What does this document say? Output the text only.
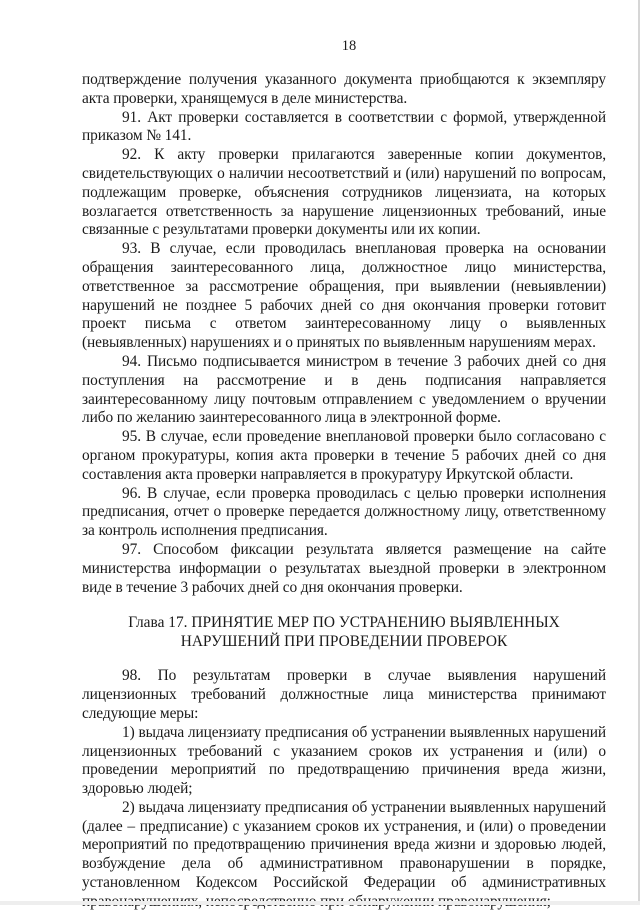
18

подтверждение получения указанного документа приобщаются к экземпляру акта проверки, хранящемуся в деле министерства.

91. Акт проверки составляется в соответствии с формой, утвержденной приказом № 141.

92. К акту проверки прилагаются заверенные копии документов, свидетельствующих о наличии несоответствий и (или) нарушений по вопросам, подлежащим проверке, объяснения сотрудников лицензиата, на которых возлагается ответственность за нарушение лицензионных требований, иные связанные с результатами проверки документы или их копии.

93. В случае, если проводилась внеплановая проверка на основании обращения заинтересованного лица, должностное лицо министерства, ответственное за рассмотрение обращения, при выявлении (невыявлении) нарушений не позднее 5 рабочих дней со дня окончания проверки готовит проект письма с ответом заинтересованному лицу о выявленных (невыявленных) нарушениях и о принятых по выявленным нарушениям мерах.

94. Письмо подписывается министром в течение 3 рабочих дней со дня поступления на рассмотрение и в день подписания направляется заинтересованному лицу почтовым отправлением с уведомлением о вручении либо по желанию заинтересованного лица в электронной форме.

95. В случае, если проведение внеплановой проверки было согласовано с органом прокуратуры, копия акта проверки в течение 5 рабочих дней со дня составления акта проверки направляется в прокуратуру Иркутской области.

96. В случае, если проверка проводилась с целью проверки исполнения предписания, отчет о проверке передается должностному лицу, ответственному за контроль исполнения предписания.

97. Способом фиксации результата является размещение на сайте министерства информации о результатах выездной проверки в электронном виде в течение 3 рабочих дней со дня окончания проверки.

Глава 17. ПРИНЯТИЕ МЕР ПО УСТРАНЕНИЮ ВЫЯВЛЕННЫХ
НАРУШЕНИЙ ПРИ ПРОВЕДЕНИИ ПРОВЕРОК

98. По результатам проверки в случае выявления нарушений лицензионных требований должностные лица министерства принимают следующие меры:

1) выдача лицензиату предписания об устранении выявленных нарушений лицензионных требований с указанием сроков их устранения и (или) о проведении мероприятий по предотвращению причинения вреда жизни, здоровью людей;

2) выдача лицензиату предписания об устранении выявленных нарушений (далее – предписание) с указанием сроков их устранения, и (или) о проведении мероприятий по предотвращению причинения вреда жизни и здоровью людей, возбуждение дела об административном правонарушении в порядке, установленном Кодексом Российской Федерации об административных
